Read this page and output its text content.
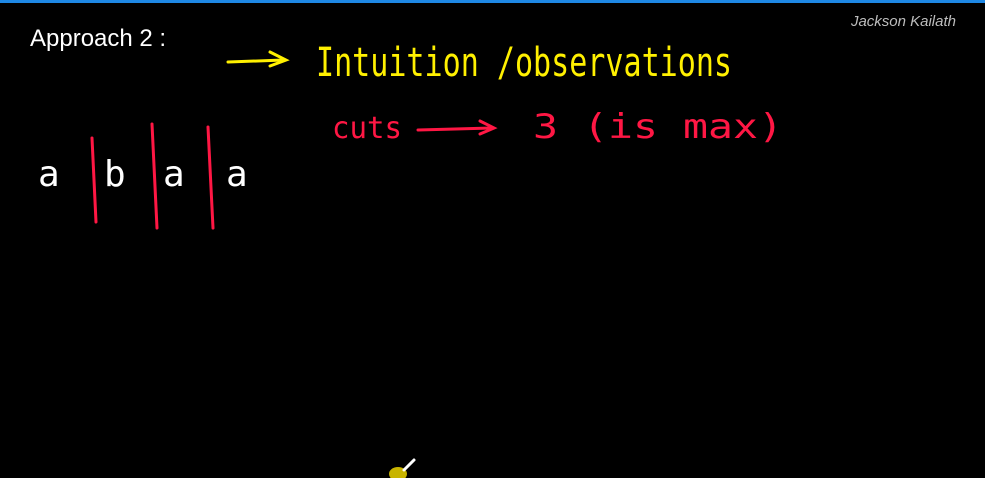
Approach 2 :
Jackson Kailath
Intuition /observations
cuts	3 (is max)
a b a a
